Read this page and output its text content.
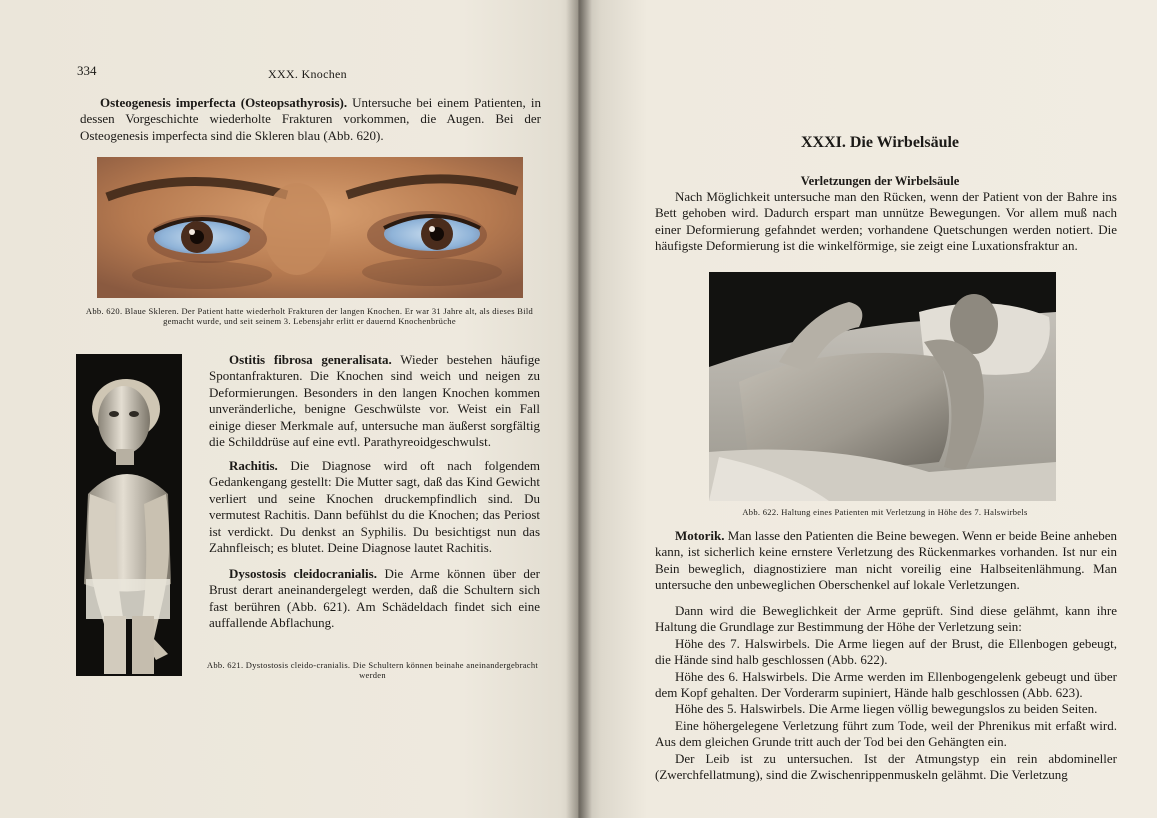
334	XXX. Knochen
Osteogenesis imperfecta (Osteopsathyrosis). Untersuche bei einem Patienten, in dessen Vorgeschichte wiederholte Frakturen vorkommen, die Augen. Bei der Osteogenesis imperfecta sind die Skleren blau (Abb. 620).
Abb. 620. Blaue Skleren. Der Patient hatte wiederholt Frakturen der langen Knochen. Er war 31 Jahre alt, als dieses Bild gemacht wurde, und seit seinem 3. Lebensjahr erlitt er dauernd Knochenbrüche
Ostitis fibrosa generalisata. Wieder bestehen häufige Spontanfrakturen. Die Knochen sind weich und neigen zu Deformierungen. Besonders in den langen Knochen kommen unveränderliche, benigne Geschwülste vor. Weist ein Fall einige dieser Merkmale auf, untersuche man äußerst sorgfältig die Schilddrüse auf eine evtl. Parathyreoidgeschwulst.
Rachitis. Die Diagnose wird oft nach folgendem Gedankengang gestellt: Die Mutter sagt, daß das Kind Gewicht verliert und seine Knochen druckempfindlich sind. Du vermutest Rachitis. Dann befühlst du die Knochen; das Periost ist verdickt. Du denkst an Syphilis. Du besichtigst nun das Zahnfleisch; es blutet. Deine Diagnose lautet Rachitis.
Dysostosis cleidocranialis. Die Arme können über der Brust derart aneinandergelegt werden, daß die Schultern sich fast berühren (Abb. 621). Am Schädeldach findet sich eine auffallende Abflachung.
Abb. 621. Dystostosis cleido-cranialis. Die Schultern können beinahe aneinandergebracht werden
XXXI. Die Wirbelsäule
Verletzungen der Wirbelsäule
Nach Möglichkeit untersuche man den Rücken, wenn der Patient von der Bahre ins Bett gehoben wird. Dadurch erspart man unnütze Bewegungen. Vor allem muß nach einer Deformierung gefahndet werden; vorhandene Quetschungen werden notiert. Die häufigste Deformierung ist die winkelförmige, sie zeigt eine Luxationsfraktur an.
Abb. 622. Haltung eines Patienten mit Verletzung in Höhe des 7. Halswirbels
Motorik. Man lasse den Patienten die Beine bewegen. Wenn er beide Beine anheben kann, ist sicherlich keine ernstere Verletzung des Rückenmarkes vorhanden. Ist nur ein Bein beweglich, diagnostiziere man nicht voreilig eine Halbseitenlähmung. Man untersuche den unbeweglichen Oberschenkel auf lokale Verletzungen.

Dann wird die Beweglichkeit der Arme geprüft. Sind diese gelähmt, kann ihre Haltung die Grundlage zur Bestimmung der Höhe der Verletzung sein:

Höhe des 7. Halswirbels. Die Arme liegen auf der Brust, die Ellenbogen gebeugt, die Hände sind halb geschlossen (Abb. 622).

Höhe des 6. Halswirbels. Die Arme werden im Ellenbogengelenk gebeugt und über dem Kopf gehalten. Der Vorderarm supiniert, Hände halb geschlossen (Abb. 623).

Höhe des 5. Halswirbels. Die Arme liegen völlig bewegungslos zu beiden Seiten.

Eine höhergelegene Verletzung führt zum Tode, weil der Phrenikus mit erfaßt wird. Aus dem gleichen Grunde tritt auch der Tod bei den Gehängten ein.

Der Leib ist zu untersuchen. Ist der Atmungstyp ein rein abdomineller (Zwerchfellatmung), sind die Zwischenrippenmuskeln gelähmt. Die Verletzung
